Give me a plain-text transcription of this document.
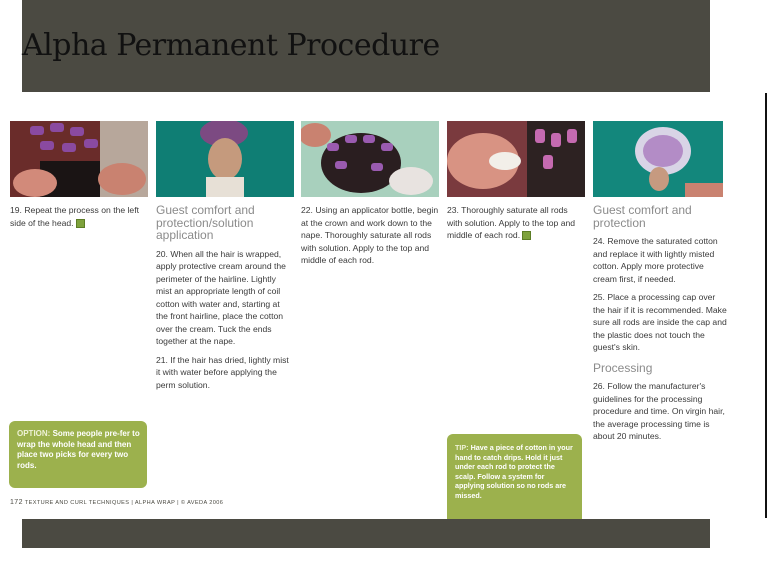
Alpha Permanent Procedure

19. Repeat the process on the left side of the head.

Guest comfort and protection/solution application

20. When all the hair is wrapped, apply protective cream around the perimeter of the hairline. Lightly mist an appropriate length of coil cotton with water and, starting at the front hairline, place the cotton over the cream. Tuck the ends together at the nape.

21. If the hair has dried, lightly mist it with water before applying the perm solution.

22. Using an applicator bottle, begin at the crown and work down to the nape. Thoroughly saturate all rods with solution. Apply to the top and middle of each rod.

23. Thoroughly saturate all rods with solution. Apply to the top and middle of each rod.

Guest comfort and protection

24. Remove the saturated cotton and replace it with lightly misted cotton. Apply more protective cream first, if needed.

25. Place a processing cap over the hair if it is recommended. Make sure all rods are inside the cap and the plastic does not touch the guest's skin.

Processing

26. Follow the manufacturer's guidelines for the processing procedure and time. On virgin hair, the average processing time is about 20 minutes.

OPTION: Some people pre-fer to wrap the whole head and then place two picks for every two rods.
TIP: Have a piece of cotton in your hand to catch drips. Hold it just under each rod to protect the scalp. Follow a system for applying solution so no rods are missed.
172 TEXTURE AND CURL TECHNIQUES | ALPHA WRAP | © AVEDA 2006
